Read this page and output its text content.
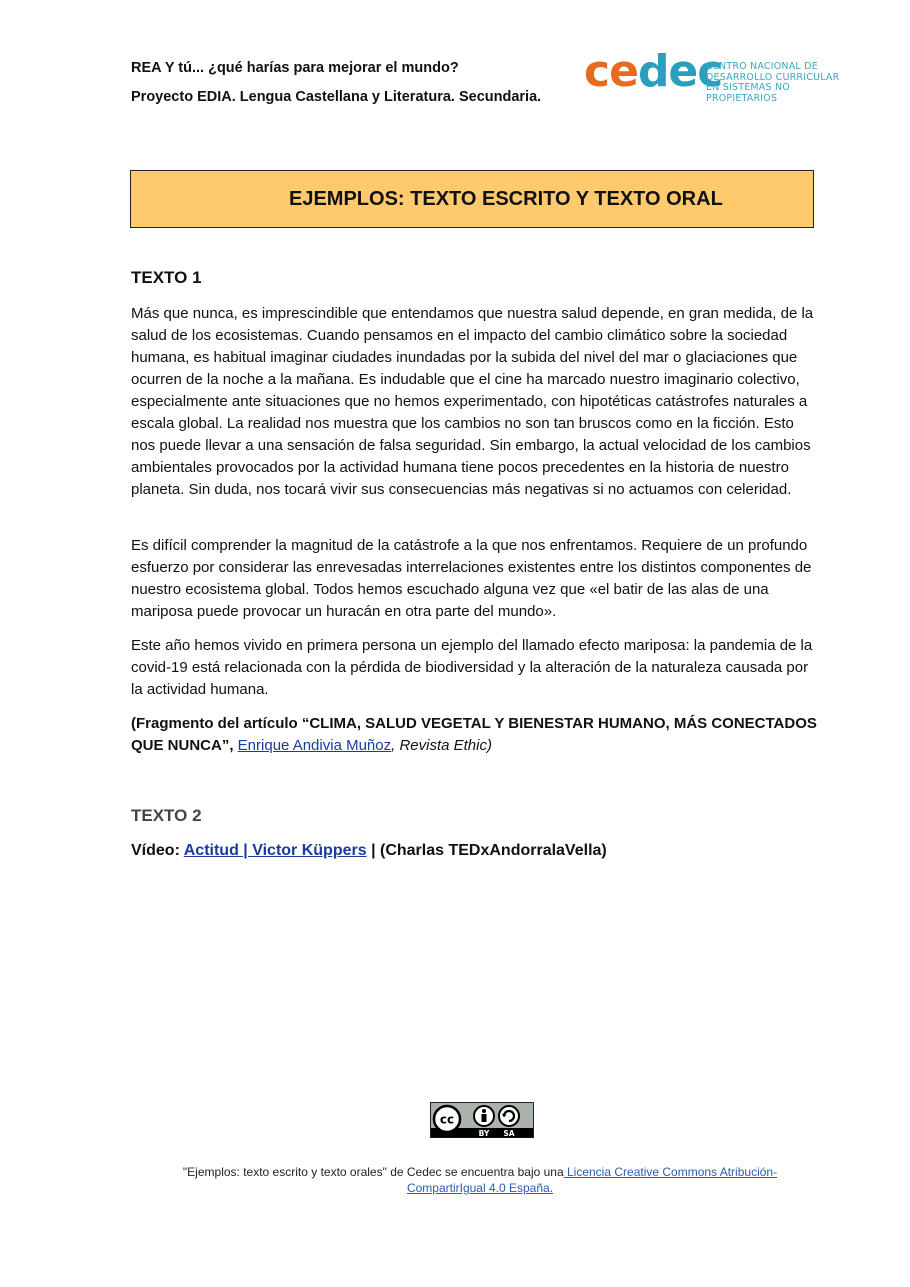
REA Y tú... ¿qué harías para mejorar el mundo?
Proyecto EDIA. Lengua Castellana y Literatura. Secundaria. cedec
CENTRO NACIONAL DE
DESARROLLO CURRICULAR
EN SISTEMAS NO PROPIETARIOS
EJEMPLOS: TEXTO ESCRITO Y TEXTO ORAL
TEXTO 1

Más que nunca, es imprescindible que entendamos que nuestra salud depende, en gran medida, de la salud de los ecosistemas. Cuando pensamos en el impacto del cambio climático sobre la sociedad humana, es habitual imaginar ciudades inundadas por la subida del nivel del mar o glaciaciones que ocurren de la noche a la mañana. Es indudable que el cine ha marcado nuestro imaginario colectivo, especialmente ante situaciones que no hemos experimentado, con hipotéticas catástrofes naturales a escala global. La realidad nos muestra que los cambios no son tan bruscos como en la ficción. Esto nos puede llevar a una sensación de falsa seguridad. Sin embargo, la actual velocidad de los cambios ambientales provocados por la actividad humana tiene pocos precedentes en la historia de nuestro planeta. Sin duda, nos tocará vivir sus consecuencias más negativas si no actuamos con celeridad.

Es difícil comprender la magnitud de la catástrofe a la que nos enfrentamos. Requiere de un profundo esfuerzo por considerar las enrevesadas interrelaciones existentes entre los distintos componentes de nuestro ecosistema global. Todos hemos escuchado alguna vez que «el batir de las alas de una mariposa puede provocar un huracán en otra parte del mundo».

Este año hemos vivido en primera persona un ejemplo del llamado efecto mariposa: la pandemia de la covid-19 está relacionada con la pérdida de biodiversidad y la alteración de la naturaleza causada por la actividad humana.

(Fragmento del artículo “CLIMA, SALUD VEGETAL Y BIENESTAR HUMANO, MÁS CONECTADOS QUE NUNCA”, Enrique Andivia Muñoz, Revista Ethic)

TEXTO 2
Vídeo: Actitud | Victor Küppers | (Charlas TEDxAndorralaVella)
cc
BY SA
"Ejemplos: texto escrito y texto orales" de Cedec se encuentra bajo una Licencia Creative Commons Atribución-CompartirIgual 4.0 España.
